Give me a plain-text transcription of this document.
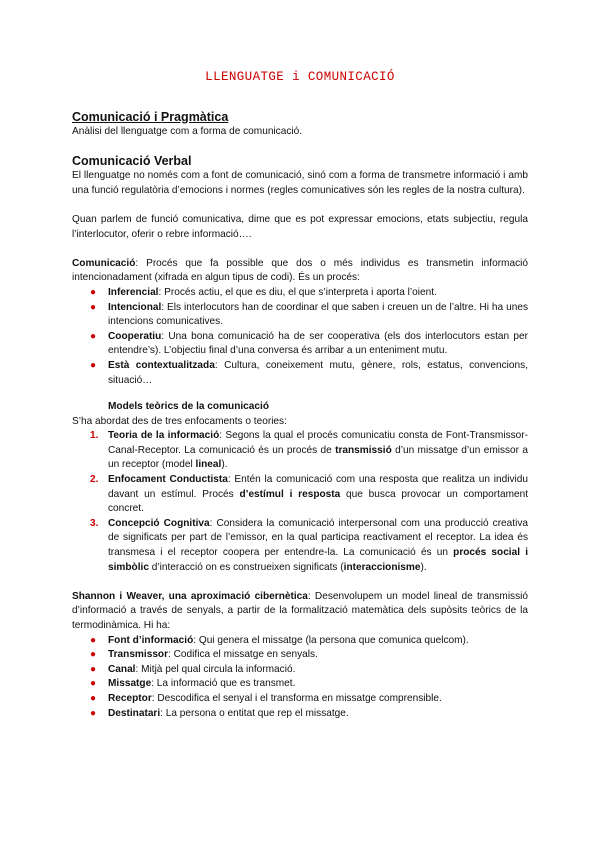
LLENGUATGE i COMUNICACIÓ
Comunicació i Pragmàtica

Anàlisi del llenguatge com a forma de comunicació.

Comunicació Verbal

El llenguatge no només com a font de comunicació, sinó com a forma de transmetre informació i amb una funció regulatòria d’emocions i normes (regles comunicatives són les regles de la nostra cultura).

Quan parlem de funció comunicativa, dime que es pot expressar emocions, etats subjectiu, regula l’interlocutor, oferir o rebre informació….

Comunicació: Procés que fa possible que dos o més individus es transmetin informació intencionadament (xifrada en algun tipus de codi). És un procés:

● Inferencial: Procés actiu, el que es diu, el que s’interpreta i aporta l’oient.
● Intencional: Els interlocutors han de coordinar el que saben i creuen un de l’altre. Hi ha unes intencions comunicatives.
● Cooperatiu: Una bona comunicació ha de ser cooperativa (els dos interlocutors estan per entendre’s). L’objectiu final d’una conversa és arribar a un enteniment mutu.
● Està contextualitzada: Cultura, coneixement mutu, gènere, rols, estatus, convencions, situació…
Models teòrics de la comunicació

S’ha abordat des de tres enfocaments o teories:

1. Teoria de la informació: Segons la qual el procés comunicatiu consta de Font-Transmissor-Canal-Receptor. La comunicació és un procés de transmissió d’un missatge d’un emissor a un receptor (model lineal).
2. Enfocament Conductista: Entén la comunicació com una resposta que realitza un individu davant un estímul. Procés d’estímul i resposta que busca provocar un comportament concret.
3. Concepció Cognitiva: Considera la comunicació interpersonal com una producció creativa de significats per part de l’emissor, en la qual participa reactivament el receptor. La idea és transmesa i el receptor coopera per entendre-la. La comunicació és un procés social i simbòlic d’interacció on es construeixen significats (interaccionisme).

Shannon i Weaver, una aproximació cibernètica: Desenvolupem un model lineal de transmissió d’informació a través de senyals, a partir de la formalització matemàtica dels supòsits teòrics de la termodinàmica. Hi ha:

● Font d’informació: Qui genera el missatge (la persona que comunica quelcom).
● Transmissor: Codifica el missatge en senyals.
● Canal: Mitjà pel qual circula la informació.
● Missatge: La informació que es transmet.
● Receptor: Descodifica el senyal i el transforma en missatge comprensible.
● Destinatari: La persona o entitat que rep el missatge.
